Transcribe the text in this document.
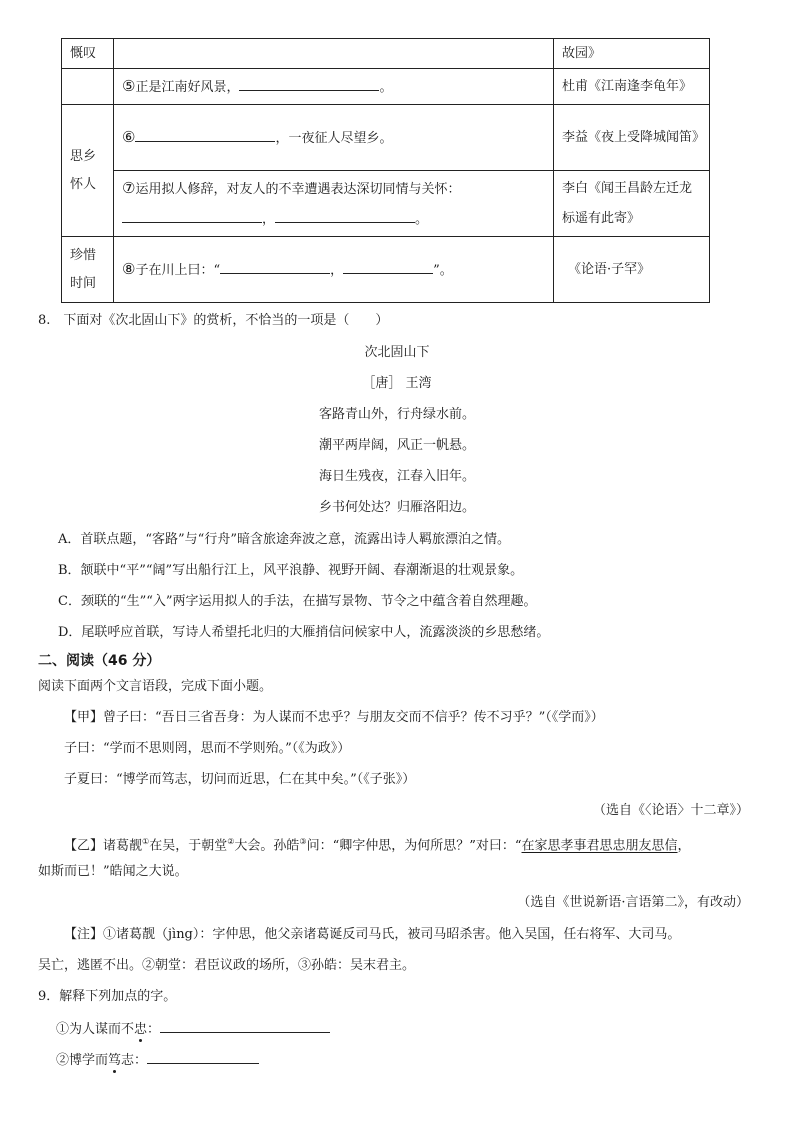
慨叹		故园》
	⑤正是江南好风景， 。	杜甫《江南逢李龟年》
思乡怀人	⑥ ，一夜征人尽望乡。	李益《夜上受降城闻笛》
	⑦运用拟人修辞，对友人的不幸遭遇表达深切同情与关怀：， 。	李白《闻王昌龄左迁龙标遥有此寄》
珍惜时间	⑧子在川上曰：“ ， ”。	《论语·子罕》
8.　下面对《次北固山下》的赏析，不恰当的一项是（　　）
次北固山下
［唐］ 王湾
客路青山外，行舟绿水前。
潮平两岸阔，风正一帆悬。
海日生残夜，江春入旧年。
乡书何处达？归雁洛阳边。
A．首联点题，“客路”与“行舟”暗含旅途奔波之意，流露出诗人羁旅漂泊之情。
B．颔联中“平”“阔”写出船行江上，风平浪静、视野开阔、春潮渐退的壮观景象。
C．颈联的“生”“入”两字运用拟人的手法，在描写景物、节令之中蕴含着自然理趣。
D．尾联呼应首联，写诗人希望托北归的大雁捎信问候家中人，流露淡淡的乡思愁绪。
二、阅读（46 分）
阅读下面两个文言语段，完成下面小题。
【甲】曾子曰：“吾日三省吾身：为人谋而不忠乎？与朋友交而不信乎？传不习乎？”（《学而》）
子曰：“学而不思则罔，思而不学则殆。”（《为政》）
子夏曰：“博学而笃志，切问而近思，仁在其中矣。”（《子张》）
（选自《〈论语〉十二章》）
【乙】诸葛靓①在吴，于朝堂②大会。孙皓③问：“卿字仲思，为何所思？”对曰：“在家思孝事君思忠朋友思信，
如斯而已！”皓闻之大说。
（选自《世说新语·言语第二》，有改动）
【注】①诸葛靓（jìng）：字仲思，他父亲诸葛诞反司马氏，被司马昭杀害。他入吴国，任右将军、大司马。
吴亡，逃匿不出。②朝堂：君臣议政的场所，③孙皓：吴末君主。
9．解释下列加点的字。
①为人谋而不忠：
②博学而笃志：
